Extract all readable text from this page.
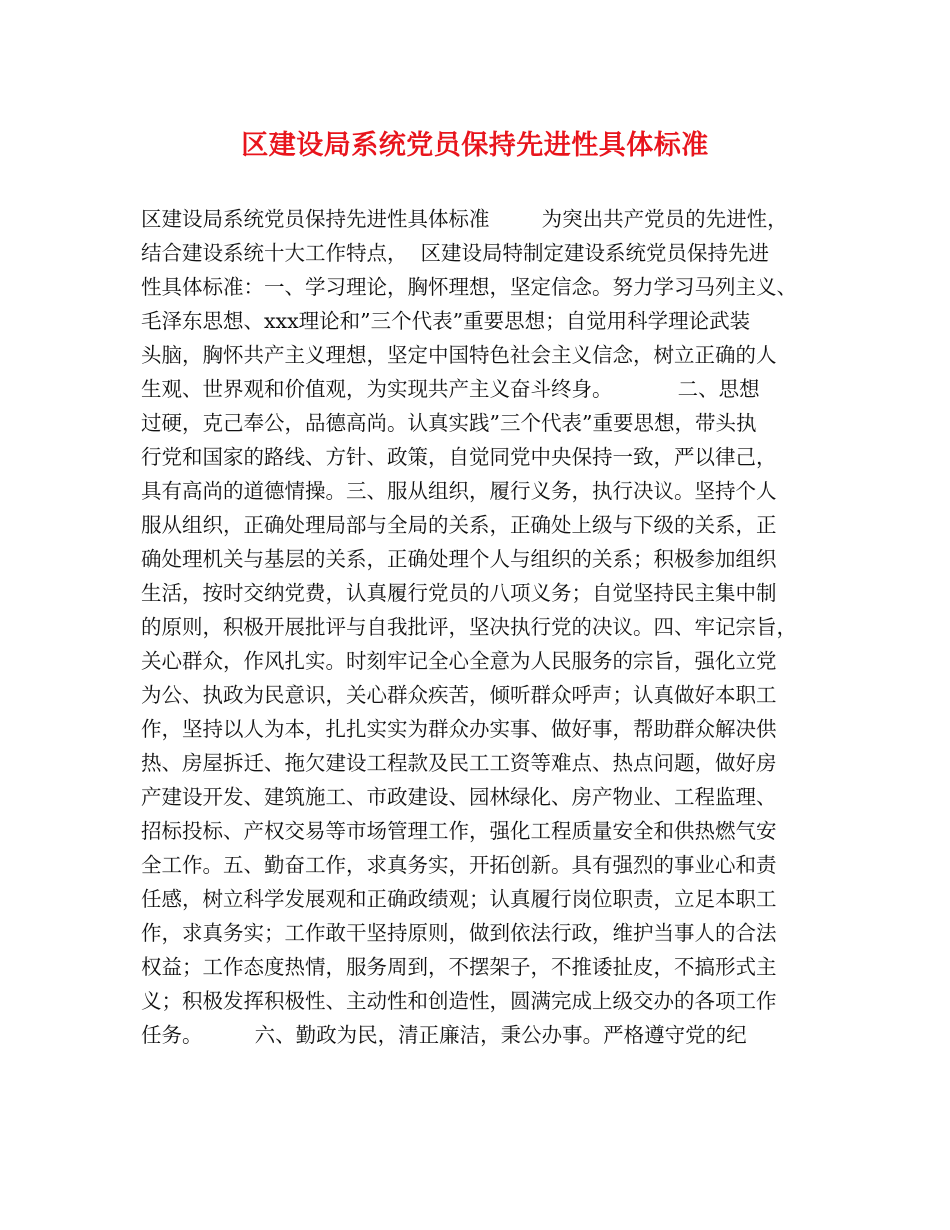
区建设局系统党员保持先进性具体标准
区建设局系统党员保持先进性具体标准        为突出共产党员的先进性，
结合建设系统十大工作特点，  区建设局特制定建设系统党员保持先进
性具体标准：一、学习理论，胸怀理想，坚定信念。努力学习马列主义、
毛泽东思想、xxx理论和”三个代表”重要思想；自觉用科学理论武装
头脑，胸怀共产主义理想，坚定中国特色社会主义信念，树立正确的人
生观、世界观和价值观，为实现共产主义奋斗终身。          二、思想
过硬，克己奉公，品德高尚。认真实践”三个代表”重要思想，带头执
行党和国家的路线、方针、政策，自觉同党中央保持一致，严以律己，
具有高尚的道德情操。三、服从组织，履行义务，执行决议。坚持个人
服从组织，正确处理局部与全局的关系，正确处上级与下级的关系，正
确处理机关与基层的关系，正确处理个人与组织的关系；积极参加组织
生活，按时交纳党费，认真履行党员的八项义务；自觉坚持民主集中制
的原则，积极开展批评与自我批评，坚决执行党的决议。四、牢记宗旨，
关心群众，作风扎实。时刻牢记全心全意为人民服务的宗旨，强化立党
为公、执政为民意识，关心群众疾苦，倾听群众呼声；认真做好本职工
作，坚持以人为本，扎扎实实为群众办实事、做好事，帮助群众解决供
热、房屋拆迁、拖欠建设工程款及民工工资等难点、热点问题，做好房
产建设开发、建筑施工、市政建设、园林绿化、房产物业、工程监理、
招标投标、产权交易等市场管理工作，强化工程质量安全和供热燃气安
全工作。五、勤奋工作，求真务实，开拓创新。具有强烈的事业心和责
任感，树立科学发展观和正确政绩观；认真履行岗位职责，立足本职工
作，求真务实；工作敢干坚持原则，做到依法行政，维护当事人的合法
权益；工作态度热情，服务周到，不摆架子，不推诿扯皮，不搞形式主
义；积极发挥积极性、主动性和创造性，圆满完成上级交办的各项工作
任务。        六、勤政为民，清正廉洁，秉公办事。严格遵守党的纪
